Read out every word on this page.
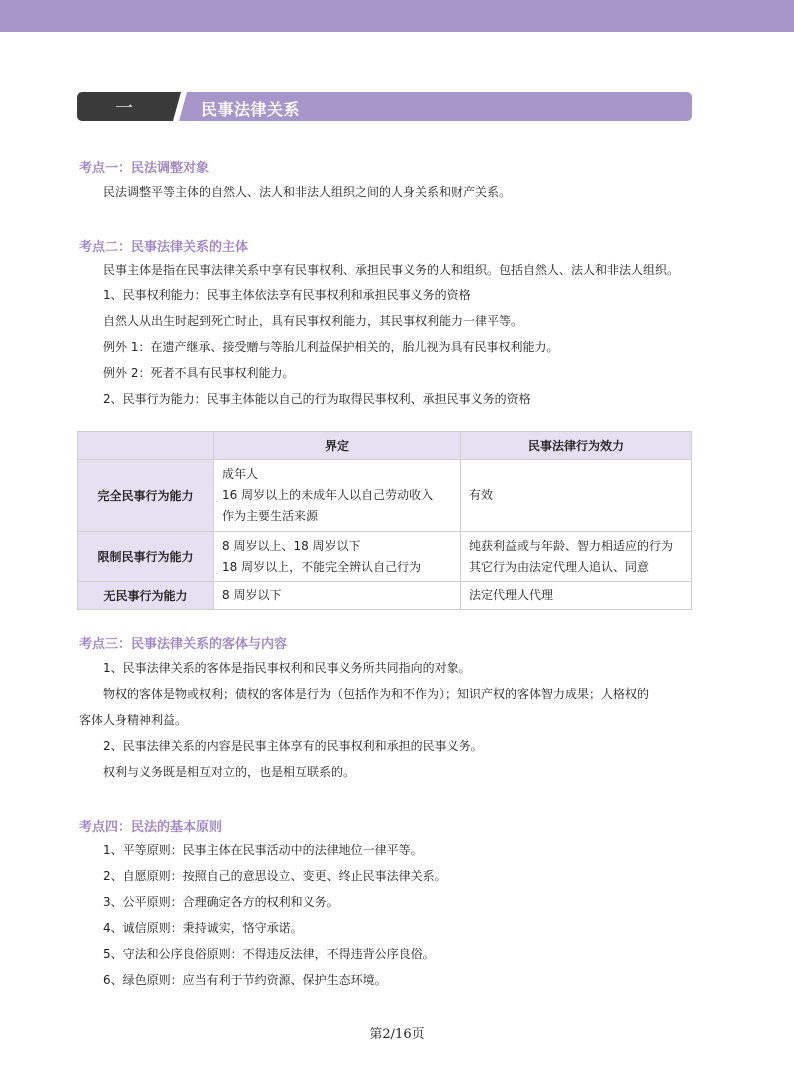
一	民事法律关系
考点一：民法调整对象
民法调整平等主体的自然人、法人和非法人组织之间的人身关系和财产关系。
考点二：民事法律关系的主体
民事主体是指在民事法律关系中享有民事权利、承担民事义务的人和组织。包括自然人、法人和非法人组织。
1、民事权利能力：民事主体依法享有民事权利和承担民事义务的资格
自然人从出生时起到死亡时止，具有民事权利能力，其民事权利能力一律平等。
例外 1：在遗产继承、接受赠与等胎儿利益保护相关的，胎儿视为具有民事权利能力。
例外 2：死者不具有民事权利能力。
2、民事行为能力：民事主体能以自己的行为取得民事权利、承担民事义务的资格
	界定	民事法律行为效力
完全民事行为能力	成年人
16 周岁以上的未成年人以自己劳动收入
作为主要生活来源	有效

限制民事行为能力	8 周岁以上、18 周岁以下
18 周岁以上，不能完全辨认自己行为	纯获利益或与年龄、智力相适应的行为
其它行为由法定代理人追认、同意

无民事行为能力	8 周岁以下	法定代理人代理
考点三：民事法律关系的客体与内容
1、民事法律关系的客体是指民事权利和民事义务所共同指向的对象。
物权的客体是物或权利；债权的客体是行为（包括作为和不作为）；知识产权的客体智力成果；人格权的
客体人身精神利益。
2、民事法律关系的内容是民事主体享有的民事权利和承担的民事义务。
权利与义务既是相互对立的，也是相互联系的。
考点四：民法的基本原则
1、平等原则：民事主体在民事活动中的法律地位一律平等。
2、自愿原则：按照自己的意思设立、变更、终止民事法律关系。
3、公平原则：合理确定各方的权利和义务。
4、诚信原则：秉持诚实，恪守承诺。
5、守法和公序良俗原则：不得违反法律，不得违背公序良俗。
6、绿色原则：应当有利于节约资源、保护生态环境。
第2/16页
